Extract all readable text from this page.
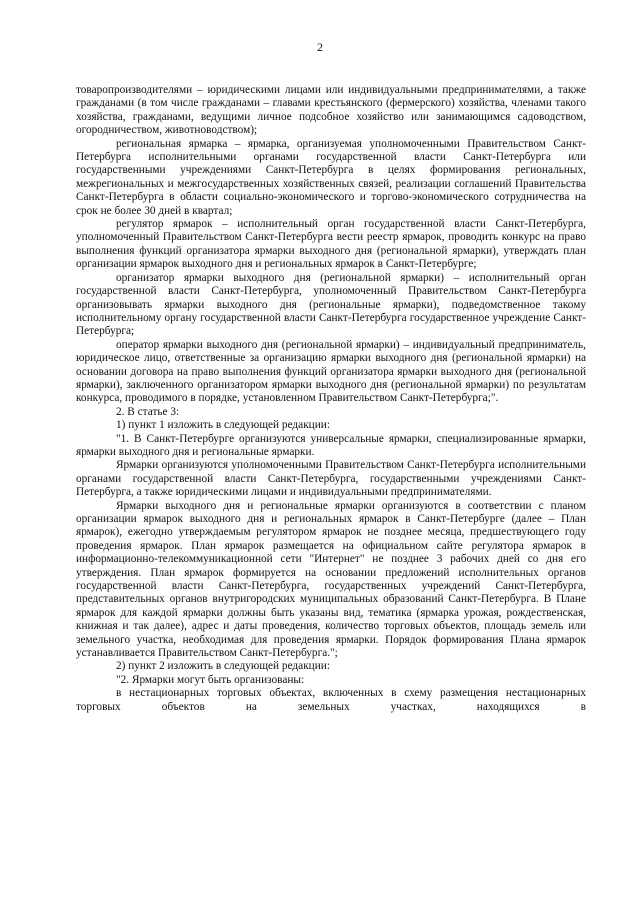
2

товаропроизводителями – юридическими лицами или индивидуальными предпринимателями, а также гражданами (в том числе гражданами – главами крестьянского (фермерского) хозяйства, членами такого хозяйства, гражданами, ведущими личное подсобное хозяйство или занимающимся садоводством, огородничеством, животноводством);

региональная ярмарка – ярмарка, организуемая уполномоченными Правительством Санкт-Петербурга исполнительными органами государственной власти Санкт-Петербурга или государственными учреждениями Санкт-Петербурга в целях формирования региональных, межрегиональных и межгосударственных хозяйственных связей, реализации соглашений Правительства Санкт-Петербурга в области социально-экономического и торгово-экономического сотрудничества на срок не более 30 дней в квартал;

регулятор ярмарок – исполнительный орган государственной власти Санкт-Петербурга, уполномоченный Правительством Санкт-Петербурга вести реестр ярмарок, проводить конкурс на право выполнения функций организатора ярмарки выходного дня (региональной ярмарки), утверждать план организации ярмарок выходного дня и региональных ярмарок в Санкт-Петербурге;

организатор ярмарки выходного дня (региональной ярмарки) – исполнительный орган государственной власти Санкт-Петербурга, уполномоченный Правительством Санкт-Петербурга организовывать ярмарки выходного дня (региональные ярмарки), подведомственное такому исполнительному органу государственной власти Санкт-Петербурга государственное учреждение Санкт-Петербурга;

оператор ярмарки выходного дня (региональной ярмарки) – индивидуальный предприниматель, юридическое лицо, ответственные за организацию ярмарки выходного дня (региональной ярмарки) на основании договора на право выполнения функций организатора ярмарки выходного дня (региональной ярмарки), заключенного организатором ярмарки выходного дня (региональной ярмарки) по результатам конкурса, проводимого в порядке, установленном Правительством Санкт-Петербурга;".

2. В статье 3:

1) пункт 1 изложить в следующей редакции:

"1. В Санкт-Петербурге организуются универсальные ярмарки, специализированные ярмарки, ярмарки выходного дня и региональные ярмарки.

Ярмарки организуются уполномоченными Правительством Санкт-Петербурга исполнительными органами государственной власти Санкт-Петербурга, государственными учреждениями Санкт-Петербурга, а также юридическими лицами и индивидуальными предпринимателями.

Ярмарки выходного дня и региональные ярмарки организуются в соответствии с планом организации ярмарок выходного дня и региональных ярмарок в Санкт-Петербурге (далее – План ярмарок), ежегодно утверждаемым регулятором ярмарок не позднее месяца, предшествующего году проведения ярмарок. План ярмарок размещается на официальном сайте регулятора ярмарок в информационно-телекоммуникационной сети "Интернет" не позднее 3 рабочих дней со дня его утверждения. План ярмарок формируется на основании предложений исполнительных органов государственной власти Санкт-Петербурга, государственных учреждений Санкт-Петербурга, представительных органов внутригородских муниципальных образований Санкт-Петербурга. В Плане ярмарок для каждой ярмарки должны быть указаны вид, тематика (ярмарка урожая, рождественская, книжная и так далее), адрес и даты проведения, количество торговых объектов, площадь земель или земельного участка, необходимая для проведения ярмарки. Порядок формирования Плана ярмарок устанавливается Правительством Санкт-Петербурга.";

2) пункт 2 изложить в следующей редакции:

"2. Ярмарки могут быть организованы:

в нестационарных торговых объектах, включенных в схему размещения нестационарных торговых объектов на земельных участках, находящихся в
